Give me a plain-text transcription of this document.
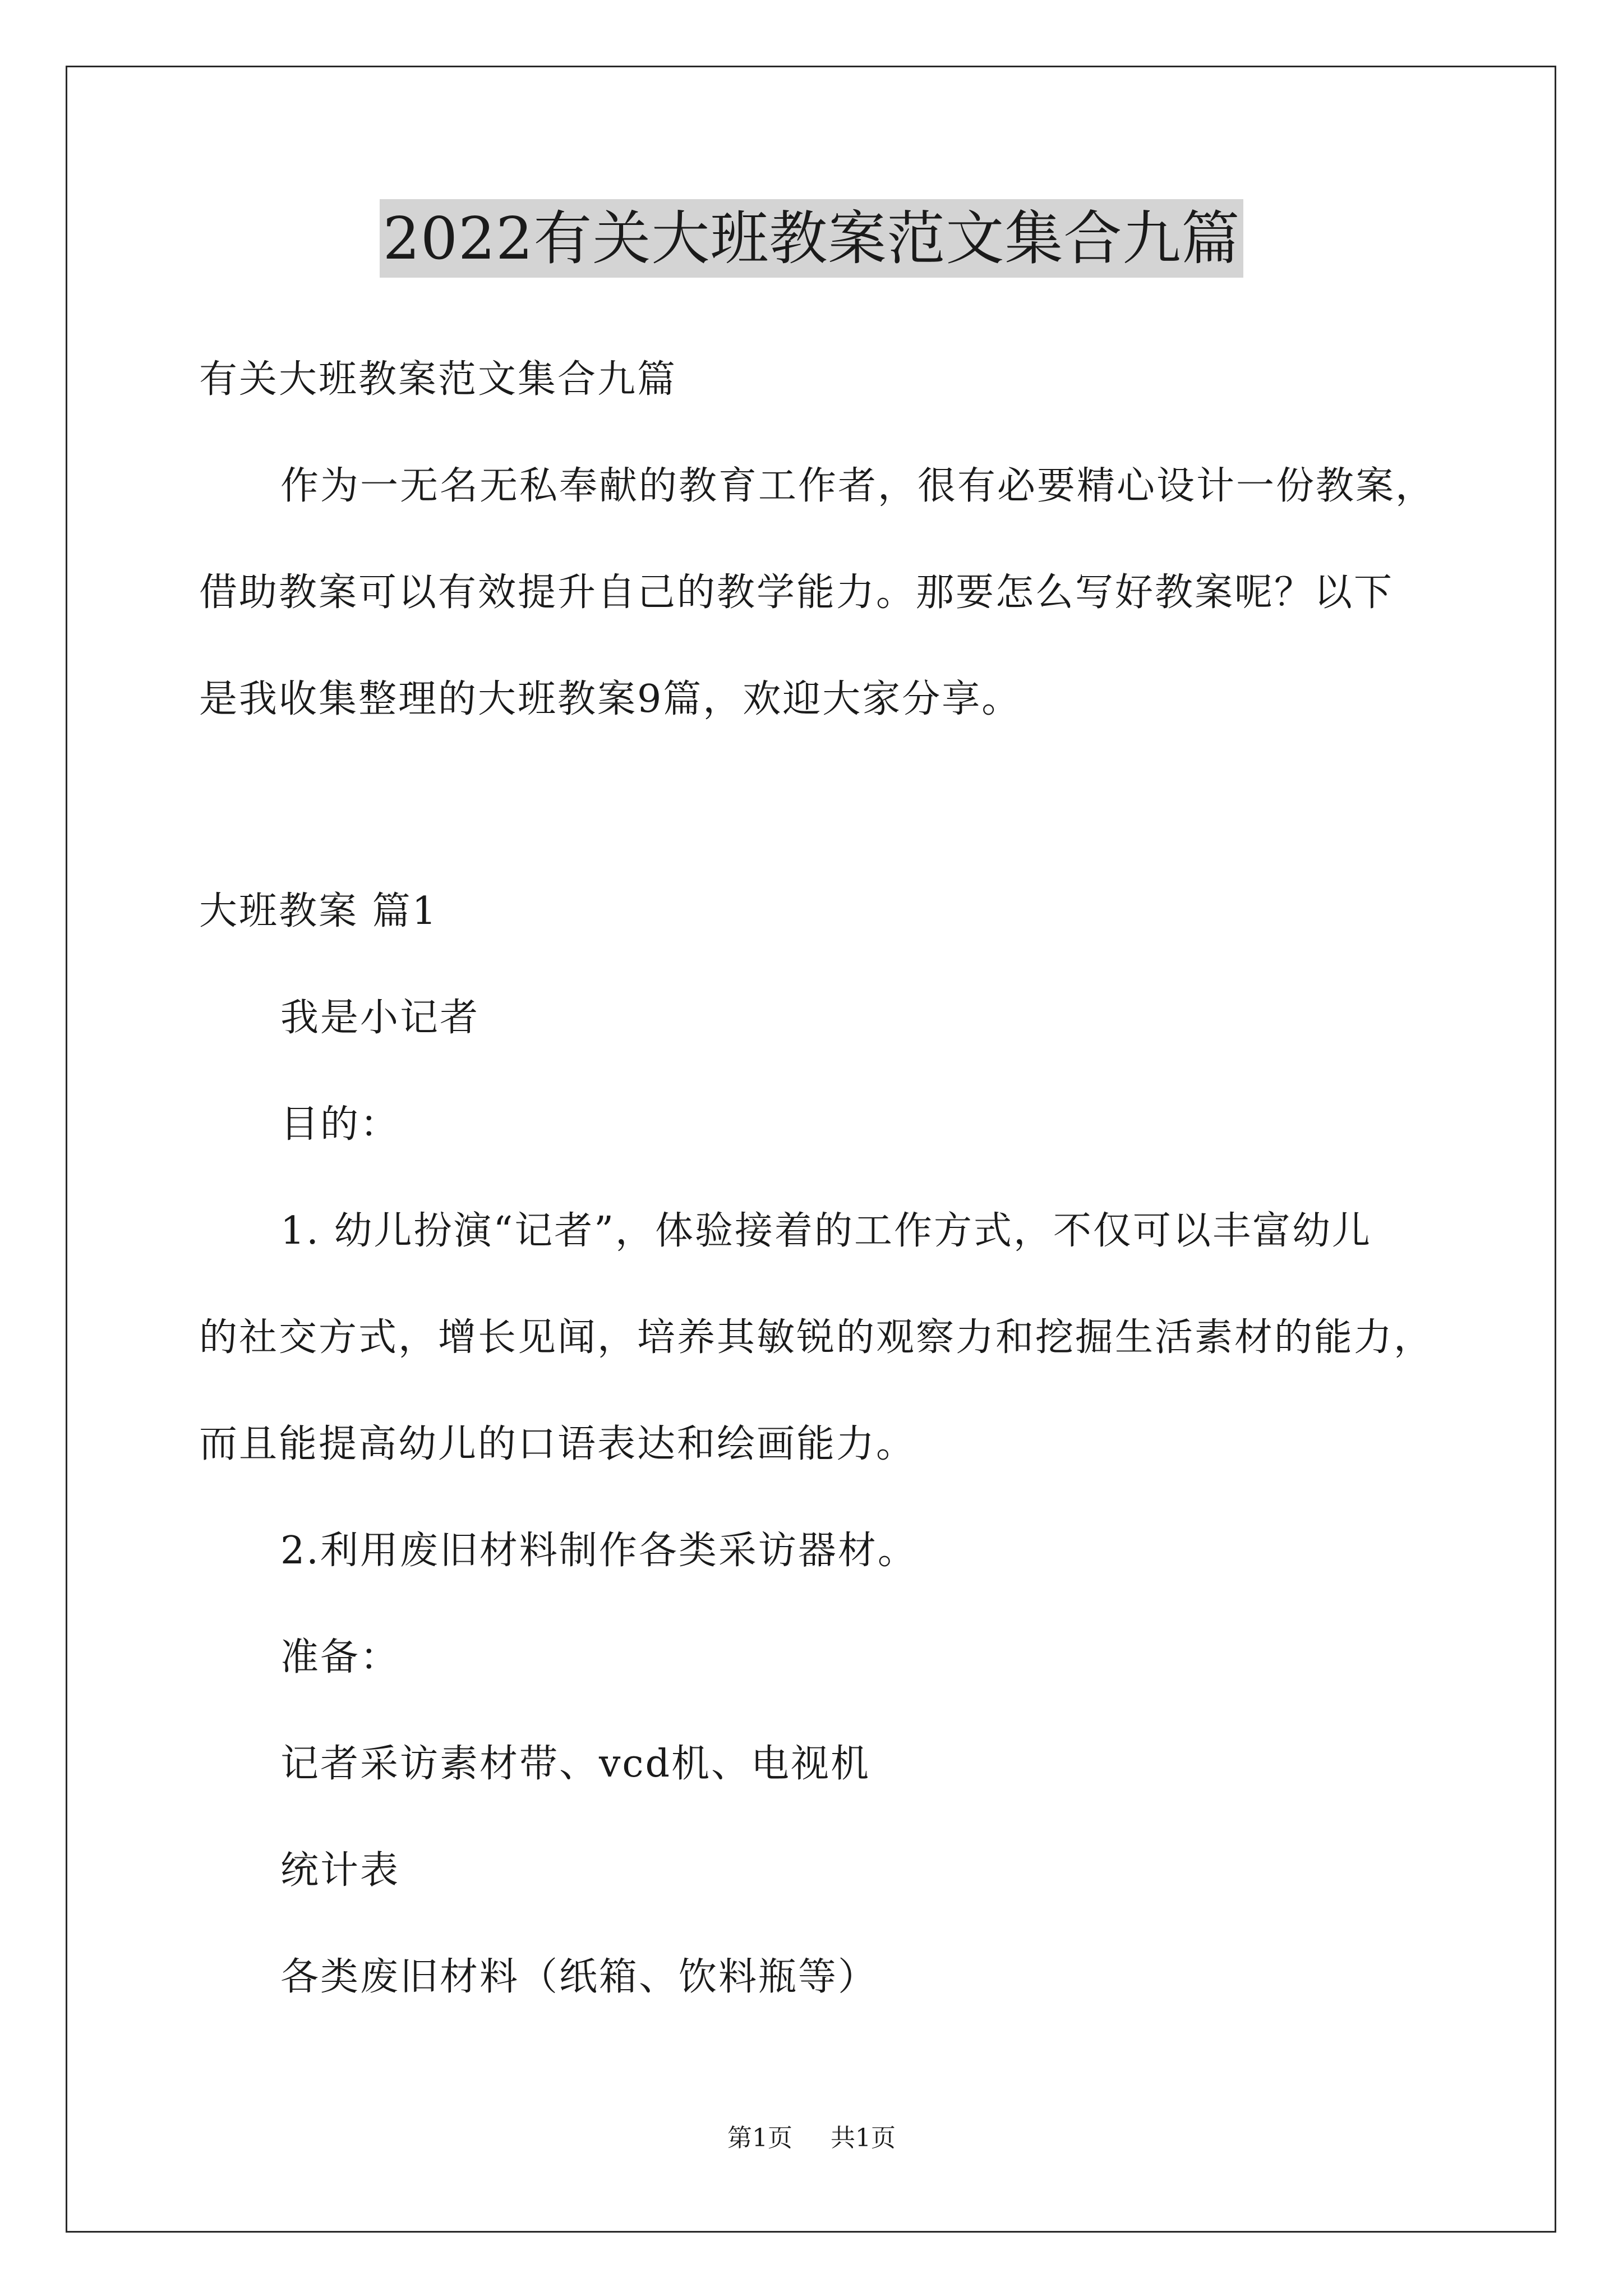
2022有关大班教案范文集合九篇
有关大班教案范文集合九篇
作为一无名无私奉献的教育工作者，很有必要精心设计一份教案，
借助教案可以有效提升自己的教学能力。那要怎么写好教案呢？以下
是我收集整理的大班教案9篇，欢迎大家分享。
大班教案 篇1
我是小记者
目的：
1. 幼儿扮演“记者”，体验接着的工作方式，不仅可以丰富幼儿
的社交方式，增长见闻，培养其敏锐的观察力和挖掘生活素材的能力，
而且能提高幼儿的口语表达和绘画能力。
2.利用废旧材料制作各类采访器材。
准备：
记者采访素材带、vcd机、电视机
统计表
各类废旧材料（纸箱、饮料瓶等）
第1页 共1页
